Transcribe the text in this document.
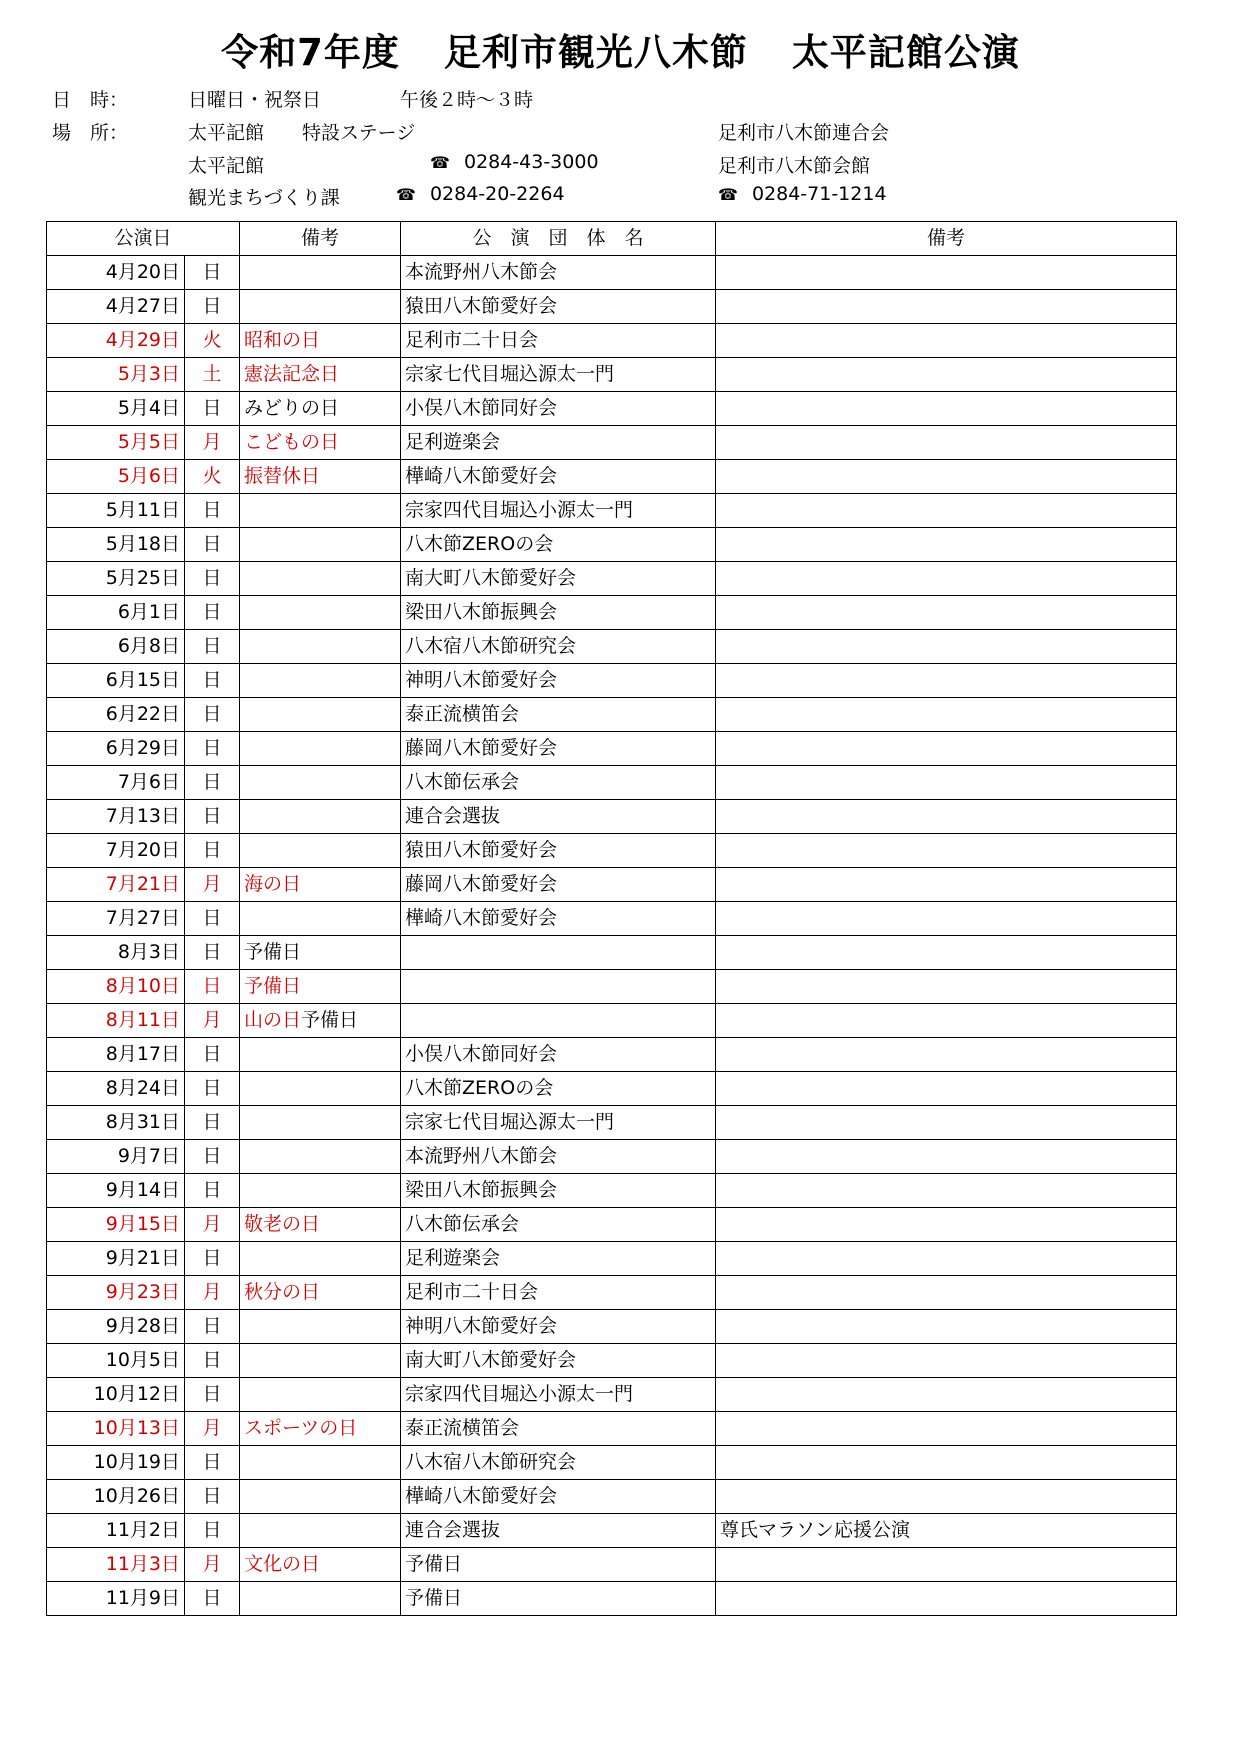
令和7年度 足利市観光八木節 太平記館公演
日　時：	日曜日・祝祭日	午後２時～３時
場　所：	太平記館　　特設ステージ
太平記館	☎ 0284-43-3000
観光まちづくり課	☎ 0284-20-2264
足利市八木節連合会
足利市八木節会館
☎ 0284-71-1214
公演日		備考	公　演　団　体　名	備考
4月20日	日		本流野州八木節会	
4月27日	日		猿田八木節愛好会	
4月29日	火	昭和の日	足利市二十日会	
5月3日	土	憲法記念日	宗家七代目堀込源太一門	
5月4日	日	みどりの日	小俣八木節同好会	
5月5日	月	こどもの日	足利遊楽会	
5月6日	火	振替休日	樺崎八木節愛好会	
5月11日	日		宗家四代目堀込小源太一門	
5月18日	日		八木節ZEROの会	
5月25日	日		南大町八木節愛好会	
6月1日	日		梁田八木節振興会	
6月8日	日		八木宿八木節研究会	
6月15日	日		神明八木節愛好会	
6月22日	日		泰正流横笛会	
6月29日	日		藤岡八木節愛好会	
7月6日	日		八木節伝承会	
7月13日	日		連合会選抜	
7月20日	日		猿田八木節愛好会	
7月21日	月	海の日	藤岡八木節愛好会	
7月27日	日		樺崎八木節愛好会	
8月3日	日	予備日		
8月10日	日	予備日		
8月11日	月	山の日予備日		
8月17日	日		小俣八木節同好会	
8月24日	日		八木節ZEROの会	
8月31日	日		宗家七代目堀込源太一門	
9月7日	日		本流野州八木節会	
9月14日	日		梁田八木節振興会	
9月15日	月	敬老の日	八木節伝承会	
9月21日	日		足利遊楽会	
9月23日	月	秋分の日	足利市二十日会	
9月28日	日		神明八木節愛好会	
10月5日	日		南大町八木節愛好会	
10月12日	日		宗家四代目堀込小源太一門	
10月13日	月	スポーツの日	泰正流横笛会	
10月19日	日		八木宿八木節研究会	
10月26日	日		樺崎八木節愛好会	
11月2日	日		連合会選抜	尊氏マラソン応援公演
11月3日	月	文化の日	予備日	
11月9日	日		予備日	
